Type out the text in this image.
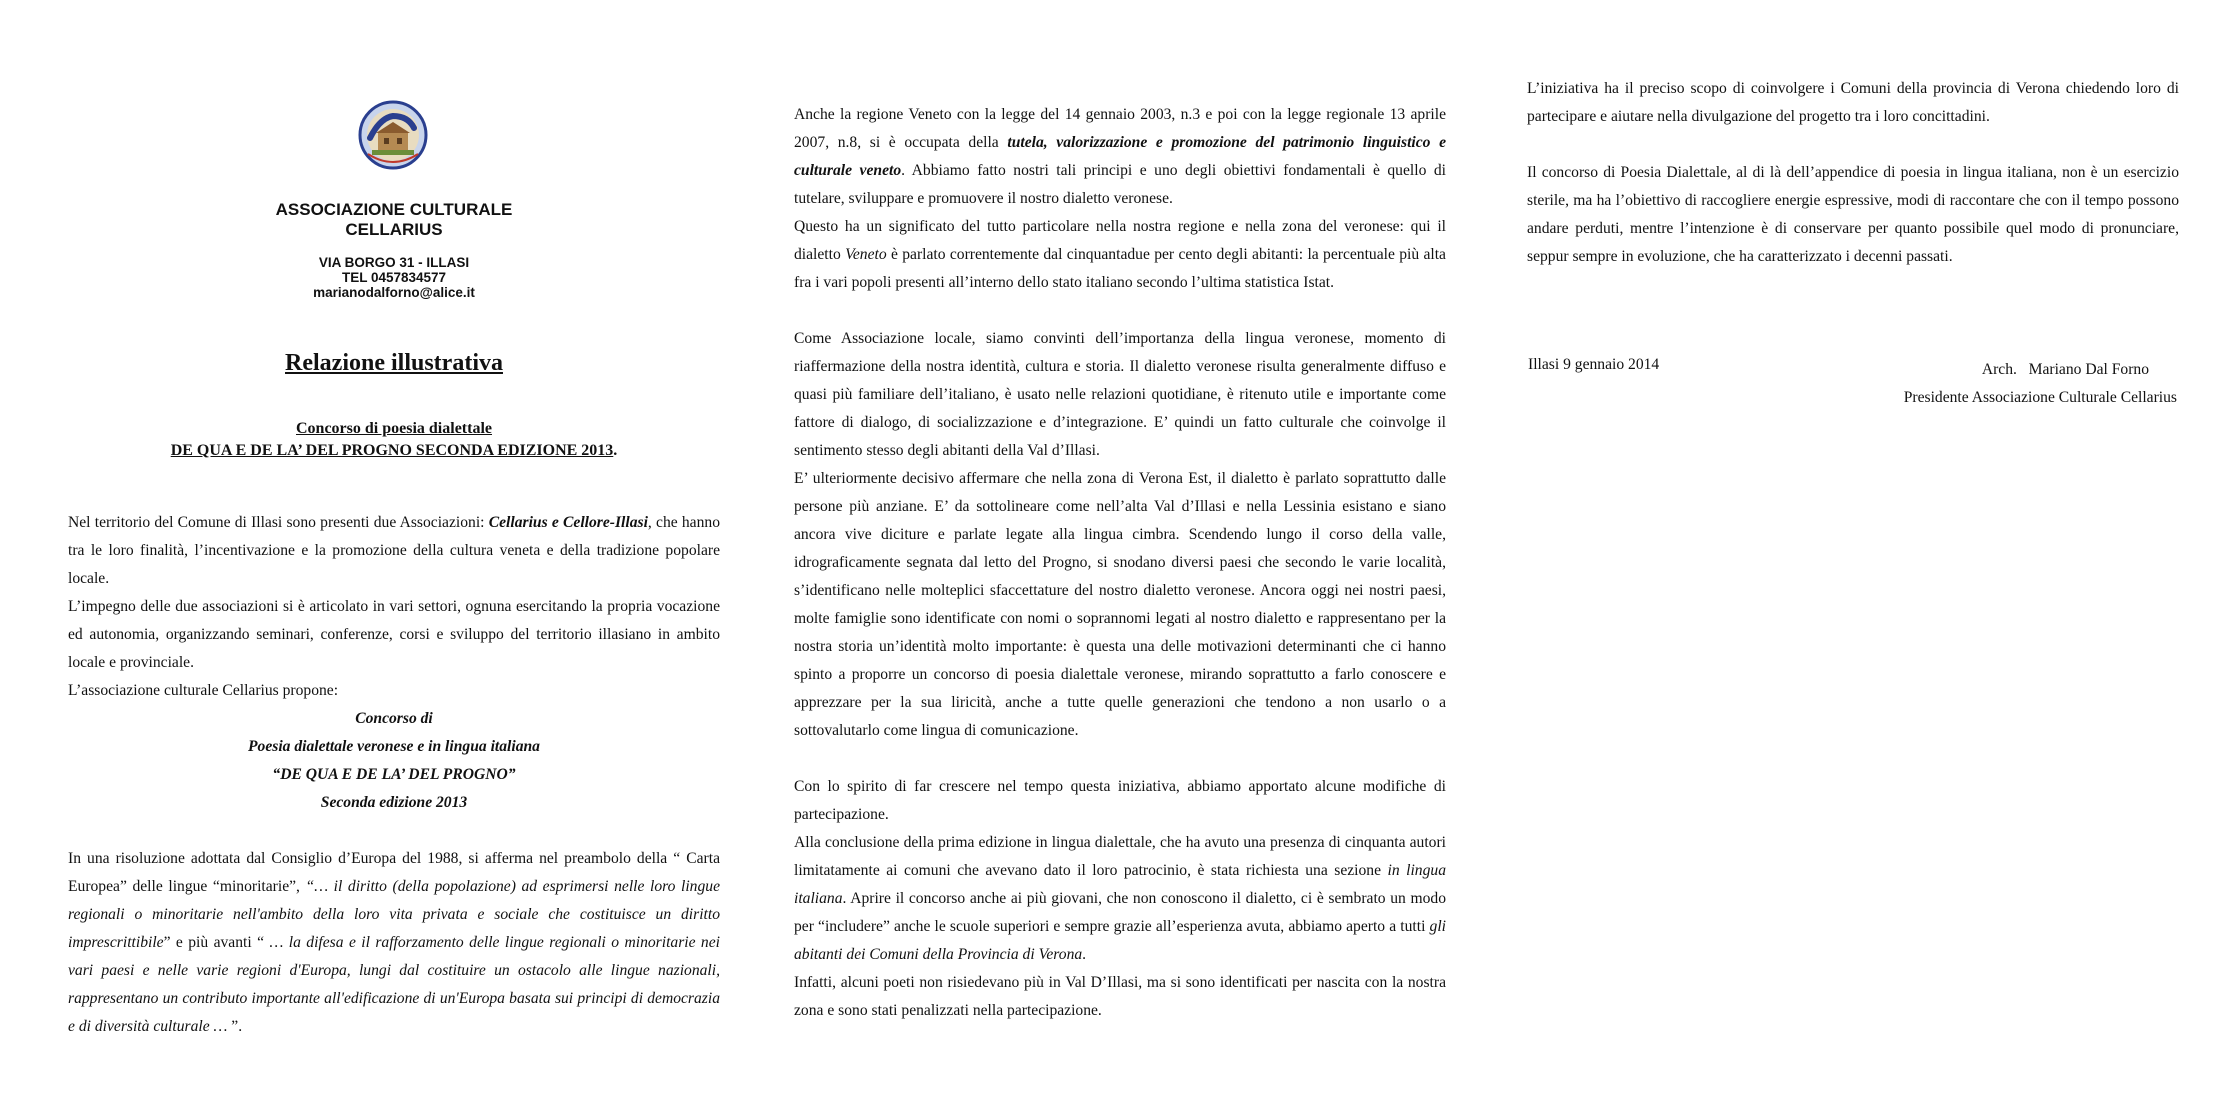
ASSOCIAZIONE CULTURALE
CELLARIUS
VIA BORGO 31 - ILLASI
TEL 0457834577
marianodalforno@alice.it
Relazione illustrativa
Concorso di poesia dialettale
DE QUA E DE LA’ DEL PROGNO SECONDA EDIZIONE 2013.

Nel territorio del Comune di Illasi sono presenti due Associazioni: Cellarius e Cellore-Illasi, che hanno tra le loro finalità, l’incentivazione e la promozione della cultura veneta e della tradizione popolare locale.

L’impegno delle due associazioni si è articolato in vari settori, ognuna esercitando la propria vocazione ed autonomia, organizzando seminari, conferenze, corsi e sviluppo del territorio illasiano in ambito locale e provinciale.

L’associazione culturale Cellarius propone:

Concorso di
Poesia dialettale veronese e in lingua italiana
“DE QUA E DE LA’ DEL PROGNO”
Seconda edizione 2013

In una risoluzione adottata dal Consiglio d’Europa del 1988, si afferma nel preambolo della “ Carta Europea” delle lingue “minoritarie”, “… il diritto (della popolazione) ad esprimersi nelle loro lingue regionali o minoritarie nell'ambito della loro vita privata e sociale che costituisce un diritto imprescrittibile” e più avanti “ … la difesa e il rafforzamento delle lingue regionali o minoritarie nei vari paesi e nelle varie regioni d'Europa, lungi dal costituire un ostacolo alle lingue nazionali, rappresentano un contributo importante all'edificazione di un'Europa basata sui principi di democrazia e di diversità culturale … ”.

Anche la regione Veneto con la legge del 14 gennaio 2003, n.3 e poi con la legge regionale 13 aprile 2007, n.8, si è occupata della tutela, valorizzazione e promozione del patrimonio linguistico e culturale veneto. Abbiamo fatto nostri tali principi e uno degli obiettivi fondamentali è quello di tutelare, sviluppare e promuovere il nostro dialetto veronese.

Questo ha un significato del tutto particolare nella nostra regione e nella zona del veronese: qui il dialetto Veneto è parlato correntemente dal cinquantadue per cento degli abitanti: la percentuale più alta fra i vari popoli presenti all’interno dello stato italiano secondo l’ultima statistica Istat.

Come Associazione locale, siamo convinti dell’importanza della lingua veronese, momento di riaffermazione della nostra identità, cultura e storia. Il dialetto veronese risulta generalmente diffuso e quasi più familiare dell’italiano, è usato nelle relazioni quotidiane, è ritenuto utile e importante come fattore di dialogo, di socializzazione e d’integrazione. E’ quindi un fatto culturale che coinvolge il sentimento stesso degli abitanti della Val d’Illasi.

E’ ulteriormente decisivo affermare che nella zona di Verona Est, il dialetto è parlato soprattutto dalle persone più anziane. E’ da sottolineare come nell’alta Val d’Illasi e nella Lessinia esistano e siano ancora vive diciture e parlate legate alla lingua cimbra. Scendendo lungo il corso della valle, idrograficamente segnata dal letto del Progno, si snodano diversi paesi che secondo le varie località, s’identificano nelle molteplici sfaccettature del nostro dialetto veronese. Ancora oggi nei nostri paesi, molte famiglie sono identificate con nomi o soprannomi legati al nostro dialetto e rappresentano per la nostra storia un’identità molto importante: è questa una delle motivazioni determinanti che ci hanno spinto a proporre un concorso di poesia dialettale veronese, mirando soprattutto a farlo conoscere e apprezzare per la sua liricità, anche a tutte quelle generazioni che tendono a non usarlo o a sottovalutarlo come lingua di comunicazione.

Con lo spirito di far crescere nel tempo questa iniziativa, abbiamo apportato alcune modifiche di partecipazione.

Alla conclusione della prima edizione in lingua dialettale, che ha avuto una presenza di cinquanta autori limitatamente ai comuni che avevano dato il loro patrocinio, è stata richiesta una sezione in lingua italiana. Aprire il concorso anche ai più giovani, che non conoscono il dialetto, ci è sembrato un modo per “includere” anche le scuole superiori e sempre grazie all’esperienza avuta, abbiamo aperto a tutti gli abitanti dei Comuni della Provincia di Verona.

Infatti, alcuni poeti non risiedevano più in Val D’Illasi, ma si sono identificati per nascita con la nostra zona e sono stati penalizzati nella partecipazione.

L’iniziativa ha il preciso scopo di coinvolgere i Comuni della provincia di Verona chiedendo loro di partecipare e aiutare nella divulgazione del progetto tra i loro concittadini.

Il concorso di Poesia Dialettale, al di là dell’appendice di poesia in lingua italiana, non è un esercizio sterile, ma ha l’obiettivo di raccogliere energie espressive, modi di raccontare che con il tempo possono andare perduti, mentre l’intenzione è di conservare per quanto possibile quel modo di pronunciare, seppur sempre in evoluzione, che ha caratterizzato i decenni passati.

Illasi 9 gennaio 2014	Arch.   Mariano Dal Forno
Presidente Associazione Culturale Cellarius
